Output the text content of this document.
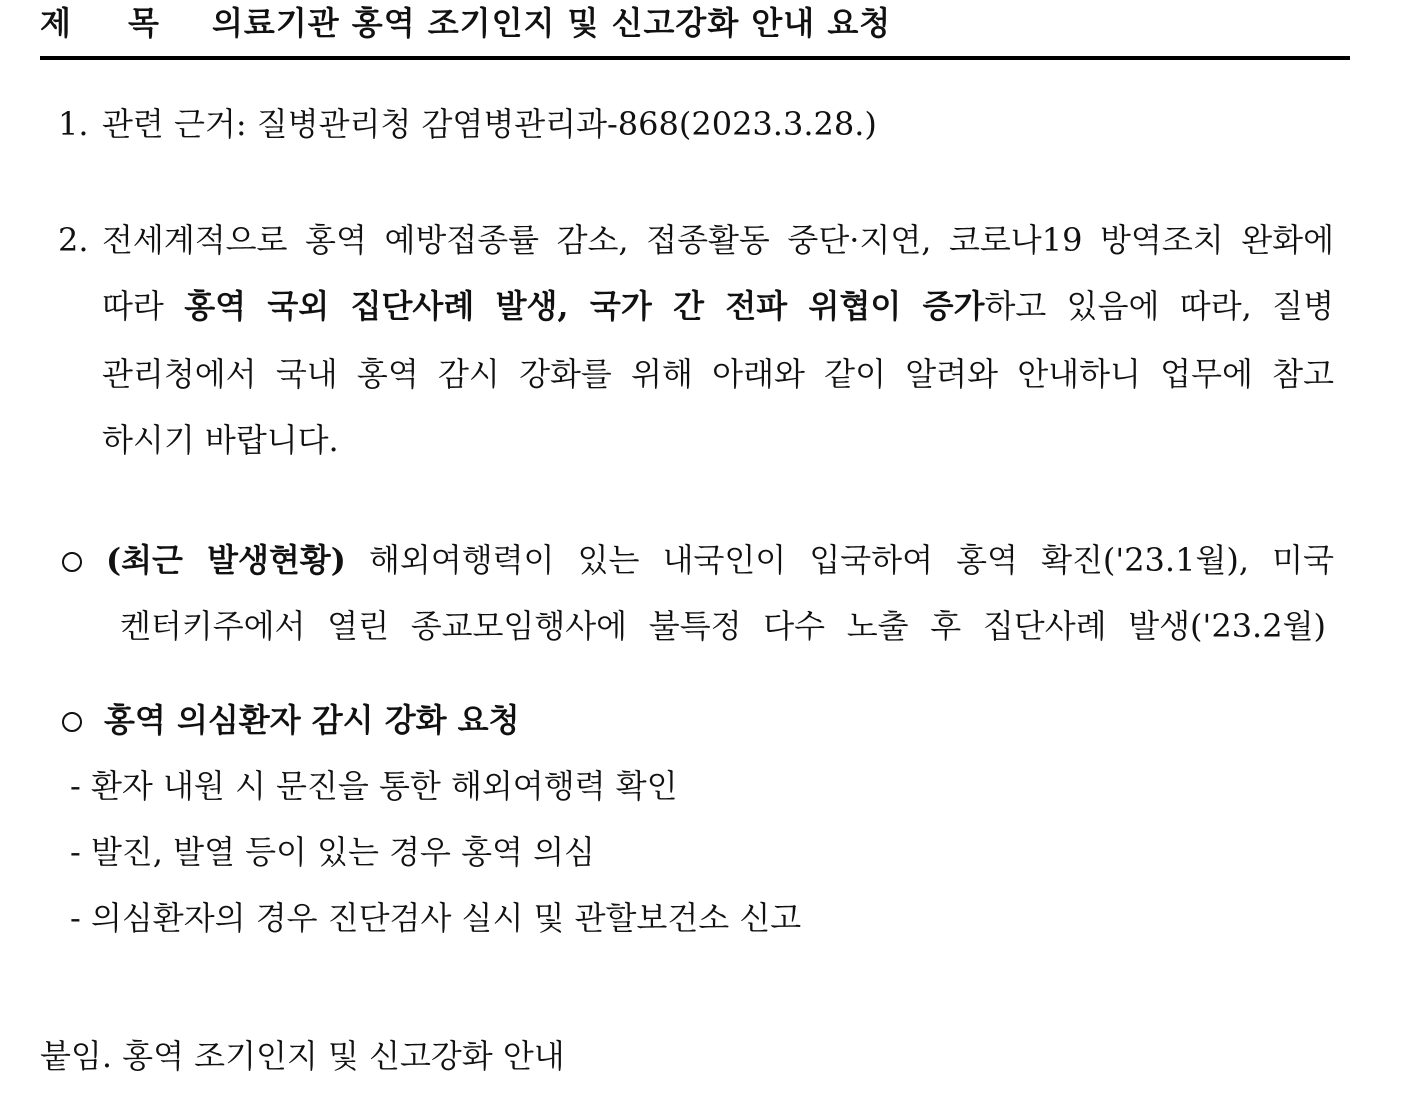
제 목 의료기관 홍역 조기인지 및 신고강화 안내 요청
1. 관련 근거: 질병관리청 감염병관리과-868(2023.3.28.)
2. 전세계적으로 홍역 예방접종률 감소, 접종활동 중단·지연, 코로나19 방역조치 완화에
따라 홍역 국외 집단사례 발생, 국가 간 전파 위협이 증가하고 있음에 따라, 질병
관리청에서 국내 홍역 감시 강화를 위해 아래와 같이 알려와 안내하니 업무에 참고
하시기 바랍니다.
(최근 발생현황) 해외여행력이 있는 내국인이 입국하여 홍역 확진('23.1월), 미국
켄터키주에서 열린 종교모임행사에 불특정 다수 노출 후 집단사례 발생('23.2월)
홍역 의심환자 감시 강화 요청
- 환자 내원 시 문진을 통한 해외여행력 확인
- 발진, 발열 등이 있는 경우 홍역 의심
- 의심환자의 경우 진단검사 실시 및 관할보건소 신고
붙임. 홍역 조기인지 및 신고강화 안내
